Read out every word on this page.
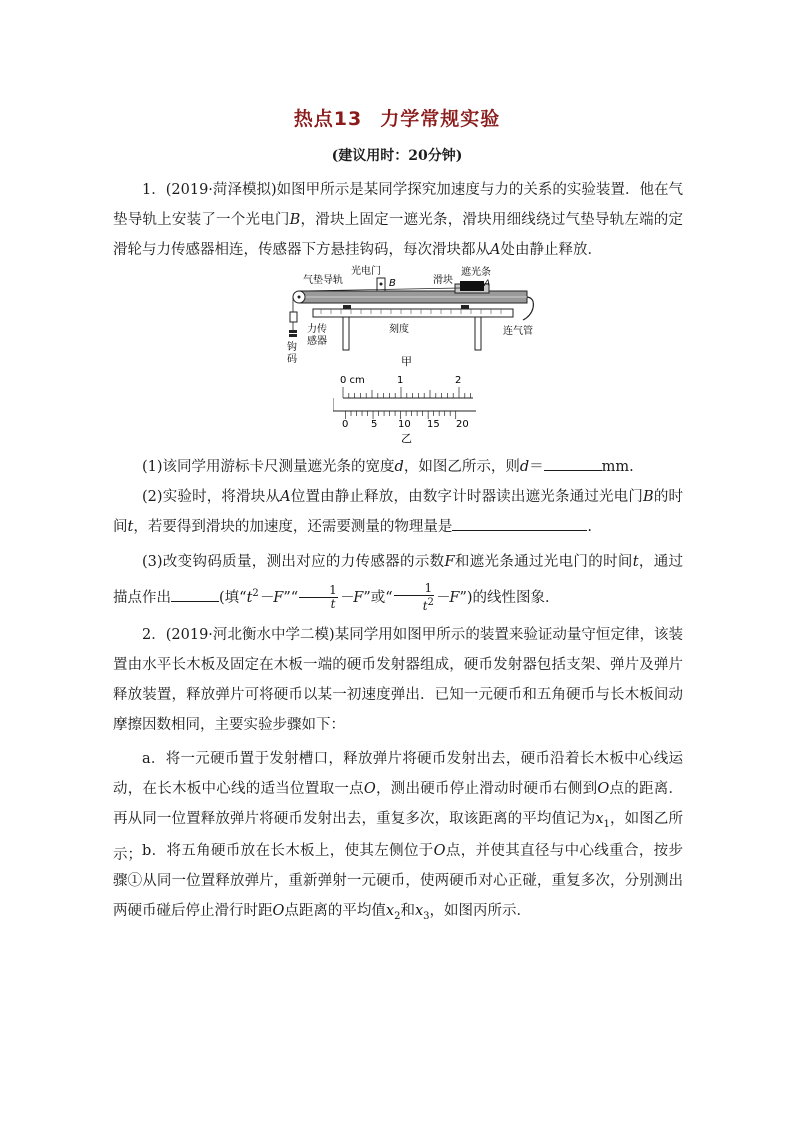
热点13 力学常规实验
(建议用时：20分钟)
1．(2019·菏泽模拟)如图甲所示是某同学探究加速度与力的关系的实验装置．他在气垫导轨上安装了一个光电门B，滑块上固定一遮光条，滑块用细线绕过气垫导轨左端的定滑轮与力传感器相连，传感器下方悬挂钩码，每次滑块都从A处由静止释放．
气垫导轨
光电门
B	滑块
遮光条
A
力传
感器
钩
码
刻度	连气管
甲
0 cm	1	2
0 5 10 15 20
乙
(1)该同学用游标卡尺测量遮光条的宽度d，如图乙所示，则d＝	mm.
(2)实验时，将滑块从A位置由静止释放，由数字计时器读出遮光条通过光电门B的时间t，若要得到滑块的加速度，还需要测量的物理量是	.
(3)改变钩码质量，测出对应的力传感器的示数F和遮光条通过光电门的时间t，通过描点作出	(填“$t^2-F”“ \frac{1}{t} -F$”或“ $\frac{1}{t^2}$ －F”)的线性图象．
2．(2019·河北衡水中学二模)某同学用如图甲所示的装置来验证动量守恒定律，该装置由水平长木板及固定在木板一端的硬币发射器组成，硬币发射器包括支架、弹片及弹片释放装置，释放弹片可将硬币以某一初速度弹出．已知一元硬币和五角硬币与长木板间动摩擦因数相同，主要实验步骤如下：
a．将一元硬币置于发射槽口，释放弹片将硬币发射出去，硬币沿着长木板中心线运动，在长木板中心线的适当位置取一点O，测出硬币停止滑动时硬币右侧到O点的距离．再从同一位置释放弹片将硬币发射出去，重复多次，取该距离的平均值记为$x_1$，如图乙所示； b．将五角硬币放在长木板上，使其左侧位于O点，并使其直径与中心线重合，按步骤①从同一位置释放弹片，重新弹射一元硬币，使两硬币对心正碰，重复多次，分别测出两硬币碰后停止滑行时距O点距离的平均值$x_2$和$x_3$，如图丙所示．
